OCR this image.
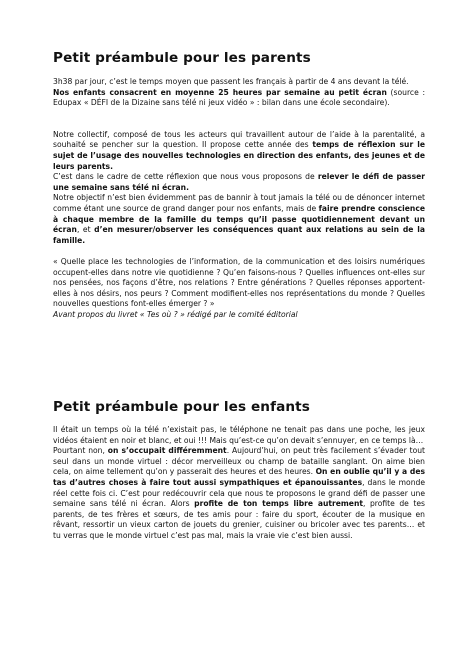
Petit préambule pour les parents

3h38 par jour, c’est le temps moyen que passent les français à partir de 4 ans devant la télé.
Nos enfants consacrent en moyenne 25 heures par semaine au petit écran (source : Edupax « DÉFI de la Dizaine sans télé ni jeux vidéo » : bilan dans une école secondaire).

Notre collectif, composé de tous les acteurs qui travaillent autour de l’aide à la parentalité, a souhaité se pencher sur la question. Il propose cette année des temps de réflexion sur le sujet de l’usage des nouvelles technologies en direction des enfants, des jeunes et de leurs parents.
C’est dans le cadre de cette réflexion que nous vous proposons de relever le défi de passer une semaine sans télé ni écran.
Notre objectif n’est bien évidemment pas de bannir à tout jamais la télé ou de dénoncer internet comme étant une source de grand danger pour nos enfants, mais de faire prendre conscience à chaque membre de la famille du temps qu’il passe quotidiennement devant un écran, et d’en mesurer/observer les conséquences quant aux relations au sein de la famille.

« Quelle place les technologies de l’information, de la communication et des loisirs numériques occupent-elles dans notre vie quotidienne ? Qu’en faisons-nous ? Quelles influences ont-elles sur nos pensées, nos façons d’être, nos relations ? Entre générations ? Quelles réponses apportent-elles à nos désirs, nos peurs ? Comment modifient-elles nos représentations du monde ? Quelles nouvelles questions font-elles émerger ? »
Avant propos du livret « Tes où ? » rédigé par le comité éditorial

Petit préambule pour les enfants

Il était un temps où la télé n’existait pas, le téléphone ne tenait pas dans une poche, les jeux vidéos étaient en noir et blanc, et oui !!! Mais qu’est-ce qu’on devait s’ennuyer, en ce temps là…

Pourtant non, on s’occupait différemment. Aujourd’hui, on peut très facilement s’évader tout seul dans un monde virtuel : décor merveilleux ou champ de bataille sanglant. On aime bien cela, on aime tellement qu’on y passerait des heures et des heures. On en oublie qu’il y a des tas d’autres choses à faire tout aussi sympathiques et épanouissantes, dans le monde réel cette fois ci. C’est pour redécouvrir cela que nous te proposons le grand défi de passer une semaine sans télé ni écran. Alors profite de ton temps libre autrement, profite de tes parents, de tes frères et sœurs, de tes amis pour : faire du sport, écouter de la musique en rêvant, ressortir un vieux carton de jouets du grenier, cuisiner ou bricoler avec tes parents… et tu verras que le monde virtuel c’est pas mal, mais la vraie vie c’est bien aussi.
